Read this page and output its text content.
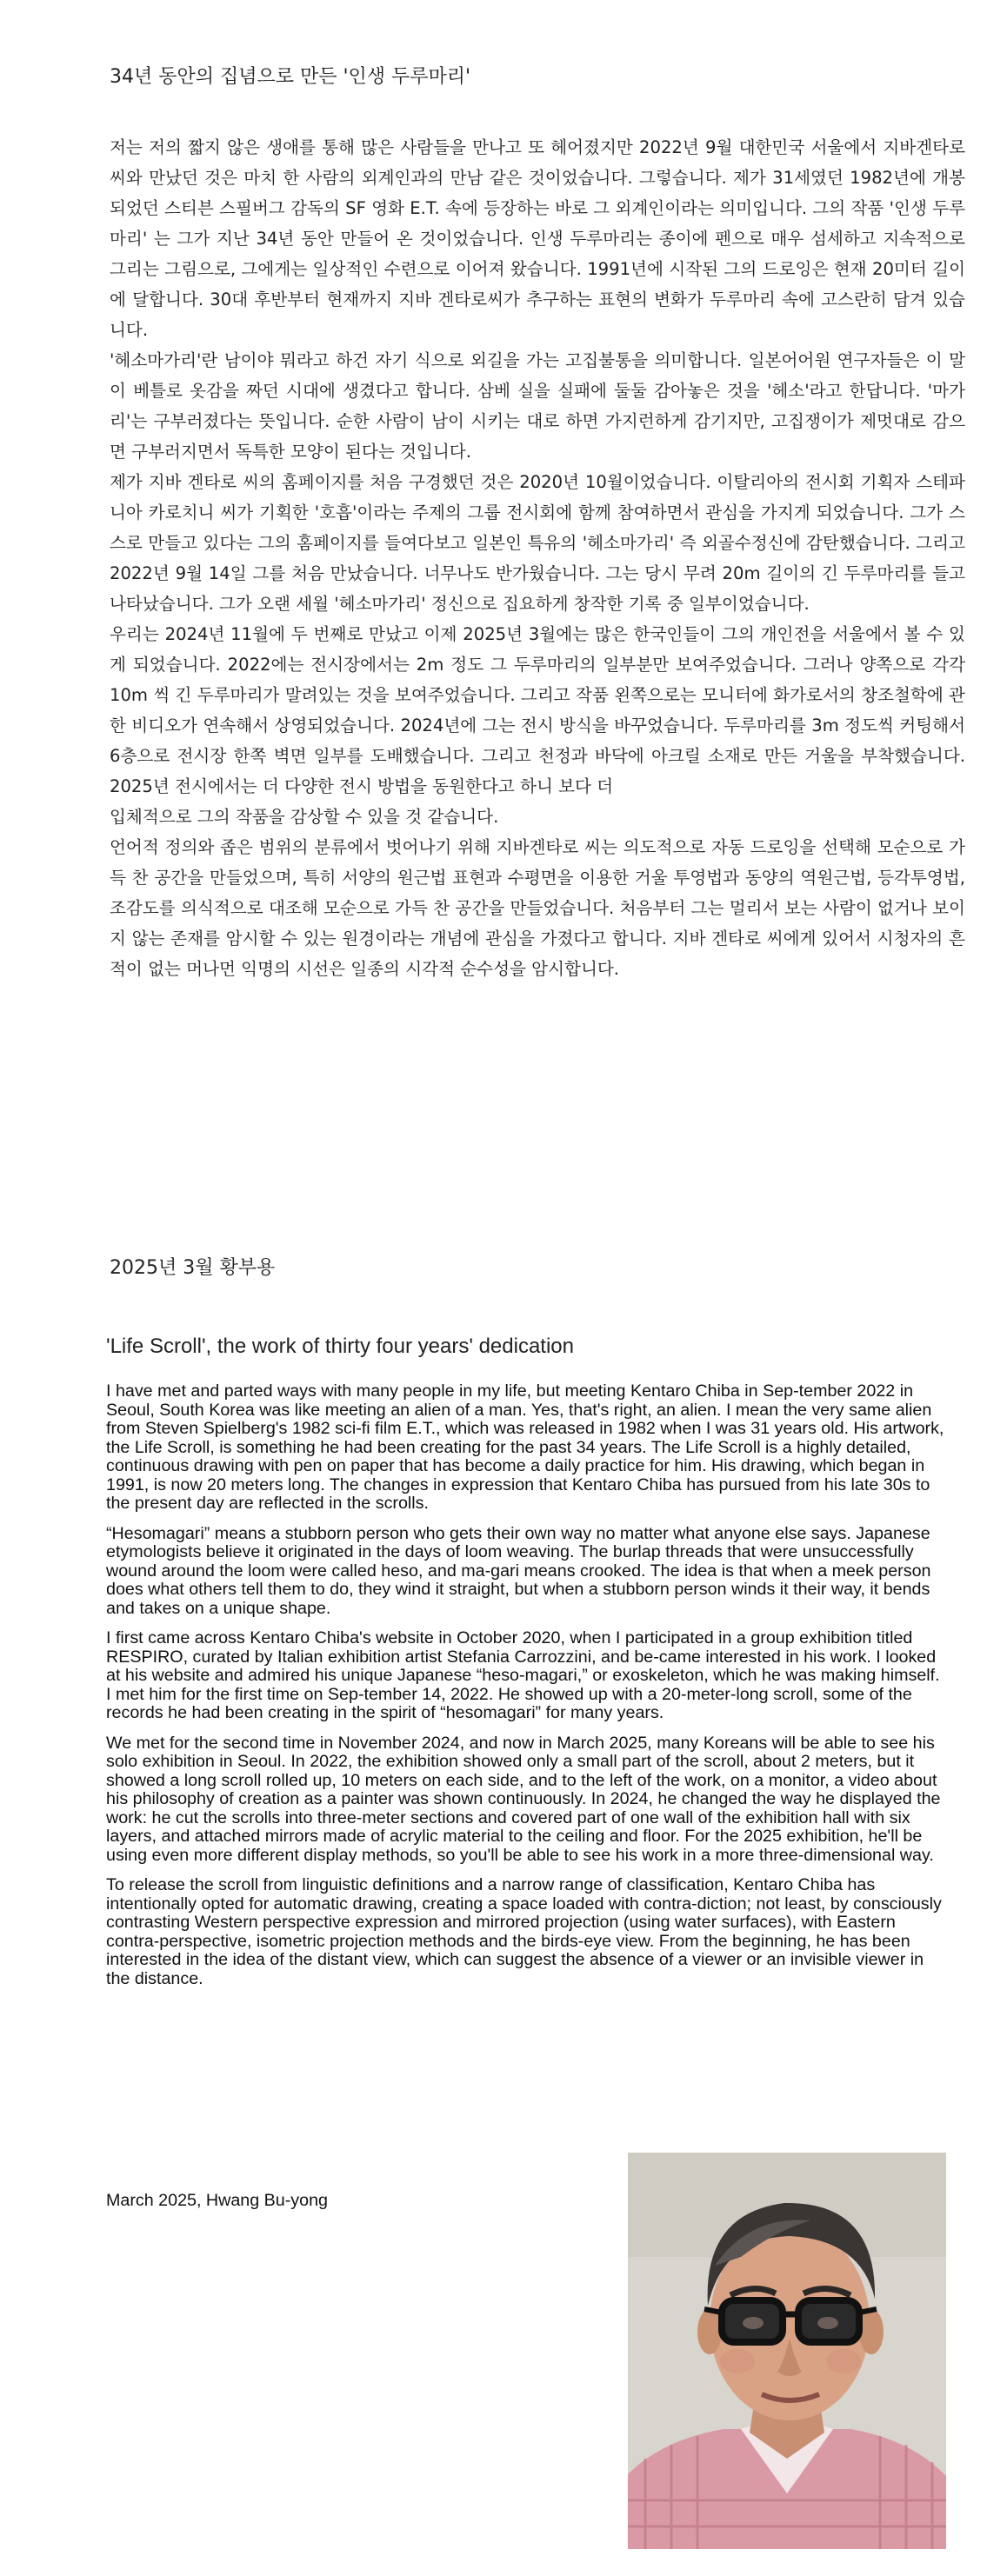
34년 동안의 집념으로 만든 '인생 두루마리'

저는 저의 짧지 않은 생애를 통해 많은 사람들을 만나고 또 헤어졌지만 2022년 9월 대한민국 서울에서 지바겐타로씨와 만났던 것은 마치 한 사람의 외계인과의 만남 같은 것이었습니다. 그렇습니다. 제가 31세였던 1982년에 개봉되었던 스티븐 스필버그 감독의 SF 영화 E.T. 속에 등장하는 바로 그 외계인이라는 의미입니다. 그의 작품 '인생 두루마리' 는 그가 지난 34년 동안 만들어 온 것이었습니다. 인생 두루마리는 종이에 펜으로 매우 섬세하고 지속적으로 그리는 그림으로, 그에게는 일상적인 수련으로 이어져 왔습니다. 1991년에 시작된 그의 드로잉은 현재 20미터 길이에 달합니다. 30대 후반부터 현재까지 지바 겐타로씨가 추구하는 표현의 변화가 두루마리 속에 고스란히 담겨 있습니다.

'헤소마가리'란 남이야 뭐라고 하건 자기 식으로 외길을 가는 고집불통을 의미합니다. 일본어어원 연구자들은 이 말이 베틀로 옷감을 짜던 시대에 생겼다고 합니다. 삼베 실을 실패에 둘둘 감아놓은 것을 '헤소'라고 한답니다. '마가리'는 구부러졌다는 뜻입니다. 순한 사람이 남이 시키는 대로 하면 가지런하게 감기지만, 고집쟁이가 제멋대로 감으면 구부러지면서 독특한 모양이 된다는 것입니다.

제가 지바 겐타로 씨의 홈페이지를 처음 구경했던 것은 2020년 10월이었습니다. 이탈리아의 전시회 기획자 스테파니아 카로치니 씨가 기획한 '호흡'이라는 주제의 그룹 전시회에 함께 참여하면서 관심을 가지게 되었습니다. 그가 스스로 만들고 있다는 그의 홈페이지를 들여다보고 일본인 특유의 '헤소마가리' 즉 외골수정신에 감탄했습니다. 그리고 2022년 9월 14일 그를 처음 만났습니다. 너무나도 반가웠습니다. 그는 당시 무려 20m 길이의 긴 두루마리를 들고 나타났습니다. 그가 오랜 세월 '헤소마가리' 정신으로 집요하게 창작한 기록 중 일부이었습니다.

우리는 2024년 11월에 두 번째로 만났고 이제 2025년 3월에는 많은 한국인들이 그의 개인전을 서울에서 볼 수 있게 되었습니다. 2022에는 전시장에서는 2m 정도 그 두루마리의 일부분만 보여주었습니다. 그러나 양쪽으로 각각 10m 씩 긴 두루마리가 말려있는 것을 보여주었습니다. 그리고 작품 왼쪽으로는 모니터에 화가로서의 창조철학에 관한 비디오가 연속해서 상영되었습니다. 2024년에 그는 전시 방식을 바꾸었습니다. 두루마리를 3m 정도씩 커팅해서 6층으로 전시장 한쪽 벽면 일부를 도배했습니다. 그리고 천정과 바닥에 아크릴 소재로 만든 거울을 부착했습니다. 2025년 전시에서는 더 다양한 전시 방법을 동원한다고 하니 보다 더

입체적으로 그의 작품을 감상할 수 있을 것 같습니다.

언어적 정의와 좁은 범위의 분류에서 벗어나기 위해 지바겐타로 씨는 의도적으로 자동 드로잉을 선택해 모순으로 가득 찬 공간을 만들었으며, 특히 서양의 원근법 표현과 수평면을 이용한 거울 투영법과 동양의 역원근법, 등각투영법, 조감도를 의식적으로 대조해 모순으로 가득 찬 공간을 만들었습니다. 처음부터 그는 멀리서 보는 사람이 없거나 보이지 않는 존재를 암시할 수 있는 원경이라는 개념에 관심을 가졌다고 합니다. 지바 겐타로 씨에게 있어서 시청자의 흔적이 없는 머나먼 익명의 시선은 일종의 시각적 순수성을 암시합니다.

2025년 3월 황부용

'Life Scroll', the work of thirty four years' dedication

I have met and parted ways with many people in my life, but meeting Kentaro Chiba in Sep-tember 2022 in Seoul, South Korea was like meeting an alien of a man. Yes, that's right, an alien. I mean the very same alien from Steven Spielberg's 1982 sci-fi film E.T., which was released in 1982 when I was 31 years old. His artwork, the Life Scroll, is something he had been creating for the past 34 years. The Life Scroll is a highly detailed, continuous drawing with pen on paper that has become a daily practice for him. His drawing, which began in 1991, is now 20 meters long. The changes in expression that Kentaro Chiba has pursued from his late 30s to the present day are reflected in the scrolls.

“Hesomagari” means a stubborn person who gets their own way no matter what anyone else says. Japanese etymologists believe it originated in the days of loom weaving. The burlap threads that were unsuccessfully wound around the loom were called heso, and ma-gari means crooked. The idea is that when a meek person does what others tell them to do, they wind it straight, but when a stubborn person winds it their way, it bends and takes on a unique shape.

I first came across Kentaro Chiba's website in October 2020, when I participated in a group exhibition titled RESPIRO, curated by Italian exhibition artist Stefania Carrozzini, and be-came interested in his work. I looked at his website and admired his unique Japanese “heso-magari,” or exoskeleton, which he was making himself. I met him for the first time on Sep-tember 14, 2022. He showed up with a 20-meter-long scroll, some of the records he had been creating in the spirit of “hesomagari” for many years.

We met for the second time in November 2024, and now in March 2025, many Koreans will be able to see his solo exhibition in Seoul. In 2022, the exhibition showed only a small part of the scroll, about 2 meters, but it showed a long scroll rolled up, 10 meters on each side, and to the left of the work, on a monitor, a video about his philosophy of creation as a painter was shown continuously. In 2024, he changed the way he displayed the work: he cut the scrolls into three-meter sections and covered part of one wall of the exhibition hall with six layers, and attached mirrors made of acrylic material to the ceiling and floor. For the 2025 exhibition, he'll be using even more different display methods, so you'll be able to see his work in a more three-dimensional way.

To release the scroll from linguistic definitions and a narrow range of classification, Kentaro Chiba has intentionally opted for automatic drawing, creating a space loaded with contra-diction; not least, by consciously contrasting Western perspective expression and mirrored projection (using water surfaces), with Eastern contra-perspective, isometric projection methods and the birds-eye view. From the beginning, he has been interested in the idea of the distant view, which can suggest the absence of a viewer or an invisible viewer in the distance.

March 2025, Hwang Bu-yong
